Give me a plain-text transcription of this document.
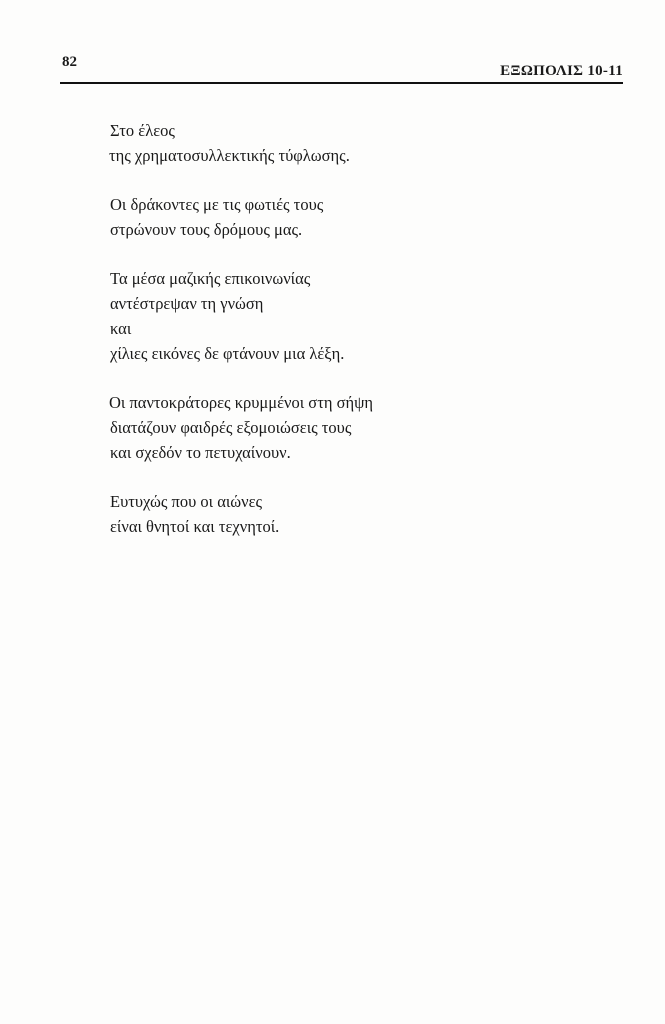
82
ΕΞΩΠΟΛΙΣ 10-11
Στο έλεος
της χρηματοσυλλεκτικής τύφλωσης.
Οι δράκοντες με τις φωτιές τους
στρώνουν τους δρόμους μας.
Τα μέσα μαζικής επικοινωνίας
αντέστρεψαν τη γνώση
και
χίλιες εικόνες δε φτάνουν μια λέξη.
Οι παντοκράτορες κρυμμένοι στη σήψη
διατάζουν φαιδρές εξομοιώσεις τους
και σχεδόν το πετυχαίνουν.
Ευτυχώς που οι αιώνες
είναι θνητοί και τεχνητοί.
